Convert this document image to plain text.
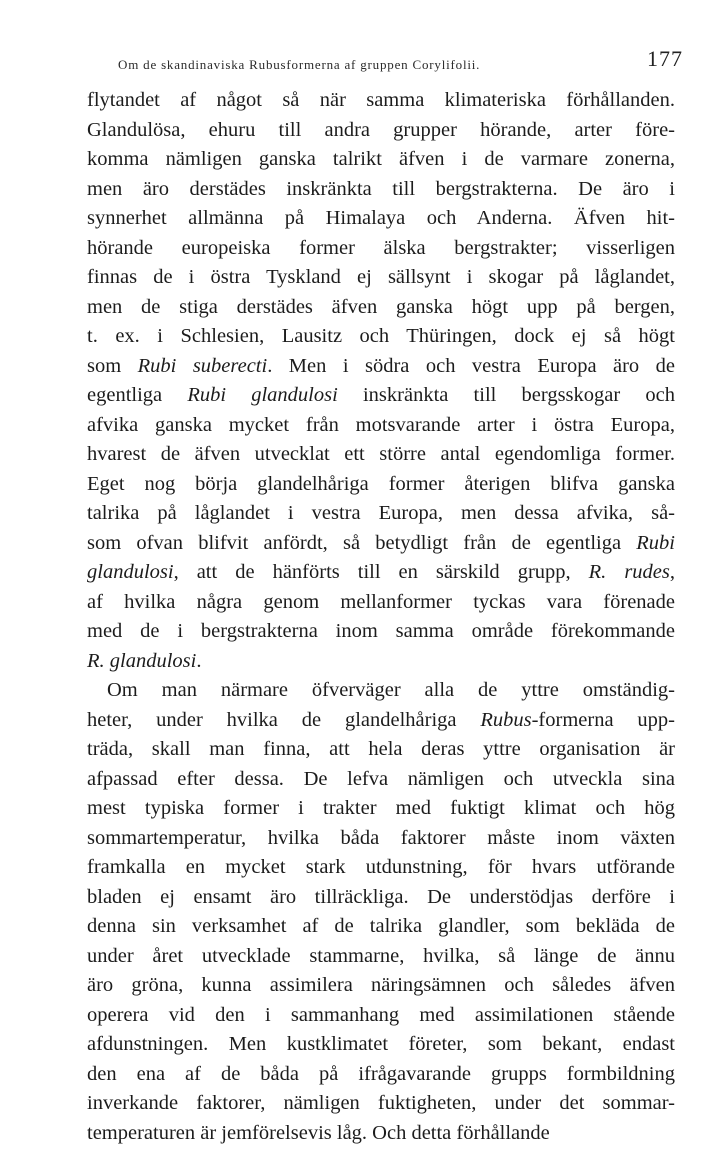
Om de skandinaviska Rubusformerna af gruppen Corylifolii.	177
flytandet af något så när samma klimateriska förhållanden.
Glandulösa, ehuru till andra grupper hörande, arter före-
komma nämligen ganska talrikt äfven i de varmare zonerna,
men äro derstädes inskränkta till bergstrakterna. De äro i
synnerhet allmänna på Himalaya och Anderna. Äfven hit-
hörande europeiska former älska bergstrakter; visserligen
finnas de i östra Tyskland ej sällsynt i skogar på låglandet,
men de stiga derstädes äfven ganska högt upp på bergen,
t. ex. i Schlesien, Lausitz och Thüringen, dock ej så högt
som Rubi suberecti. Men i södra och vestra Europa äro de
egentliga Rubi glandulosi inskränkta till bergsskogar och
afvika ganska mycket från motsvarande arter i östra Europa,
hvarest de äfven utvecklat ett större antal egendomliga former.
Eget nog börja glandelhåriga former återigen blifva ganska
talrika på låglandet i vestra Europa, men dessa afvika, så-
som ofvan blifvit anfördt, så betydligt från de egentliga Rubi
glandulosi, att de hänförts till en särskild grupp, R. rudes,
af hvilka några genom mellanformer tyckas vara förenade
med de i bergstrakterna inom samma område förekommande
R. glandulosi.
Om man närmare öfverväger alla de yttre omständig-
heter, under hvilka de glandelhåriga Rubus-formerna upp-
träda, skall man finna, att hela deras yttre organisation är
afpassad efter dessa. De lefva nämligen och utveckla sina
mest typiska former i trakter med fuktigt klimat och hög
sommartemperatur, hvilka båda faktorer måste inom växten
framkalla en mycket stark utdunstning, för hvars utförande
bladen ej ensamt äro tillräckliga. De understödjas derföre i
denna sin verksamhet af de talrika glandler, som bekläda de
under året utvecklade stammarne, hvilka, så länge de ännu
äro gröna, kunna assimilera näringsämnen och således äfven
operera vid den i sammanhang med assimilationen stående
afdunstningen. Men kustklimatet företer, som bekant, endast
den ena af de båda på ifrågavarande grupps formbildning
inverkande faktorer, nämligen fuktigheten, under det sommar-
temperaturen är jemförelsevis låg. Och detta förhållande
